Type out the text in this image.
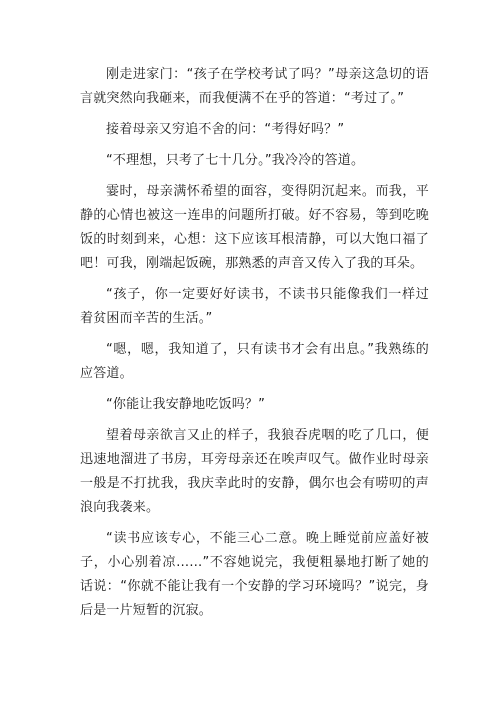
刚走进家门：“孩子在学校考试了吗？”母亲这急切的语言就突然向我砸来，而我便满不在乎的答道：“考过了。”

接着母亲又穷追不舍的问：“考得好吗？”

“不理想，只考了七十几分。”我冷冷的答道。

霎时，母亲满怀希望的面容，变得阴沉起来。而我，平静的心情也被这一连串的问题所打破。好不容易，等到吃晚饭的时刻到来，心想：这下应该耳根清静，可以大饱口福了吧！可我，刚端起饭碗，那熟悉的声音又传入了我的耳朵。

“孩子，你一定要好好读书，不读书只能像我们一样过着贫困而辛苦的生活。”

“嗯，嗯，我知道了，只有读书才会有出息。”我熟练的应答道。

“你能让我安静地吃饭吗？”

望着母亲欲言又止的样子，我狼吞虎咽的吃了几口，便迅速地溜进了书房，耳旁母亲还在唉声叹气。做作业时母亲一般是不打扰我，我庆幸此时的安静，偶尔也会有唠叨的声浪向我袭来。

“读书应该专心，不能三心二意。晚上睡觉前应盖好被子，小心别着凉……”不容她说完，我便粗暴地打断了她的话说：“你就不能让我有一个安静的学习环境吗？”说完，身后是一片短暂的沉寂。
